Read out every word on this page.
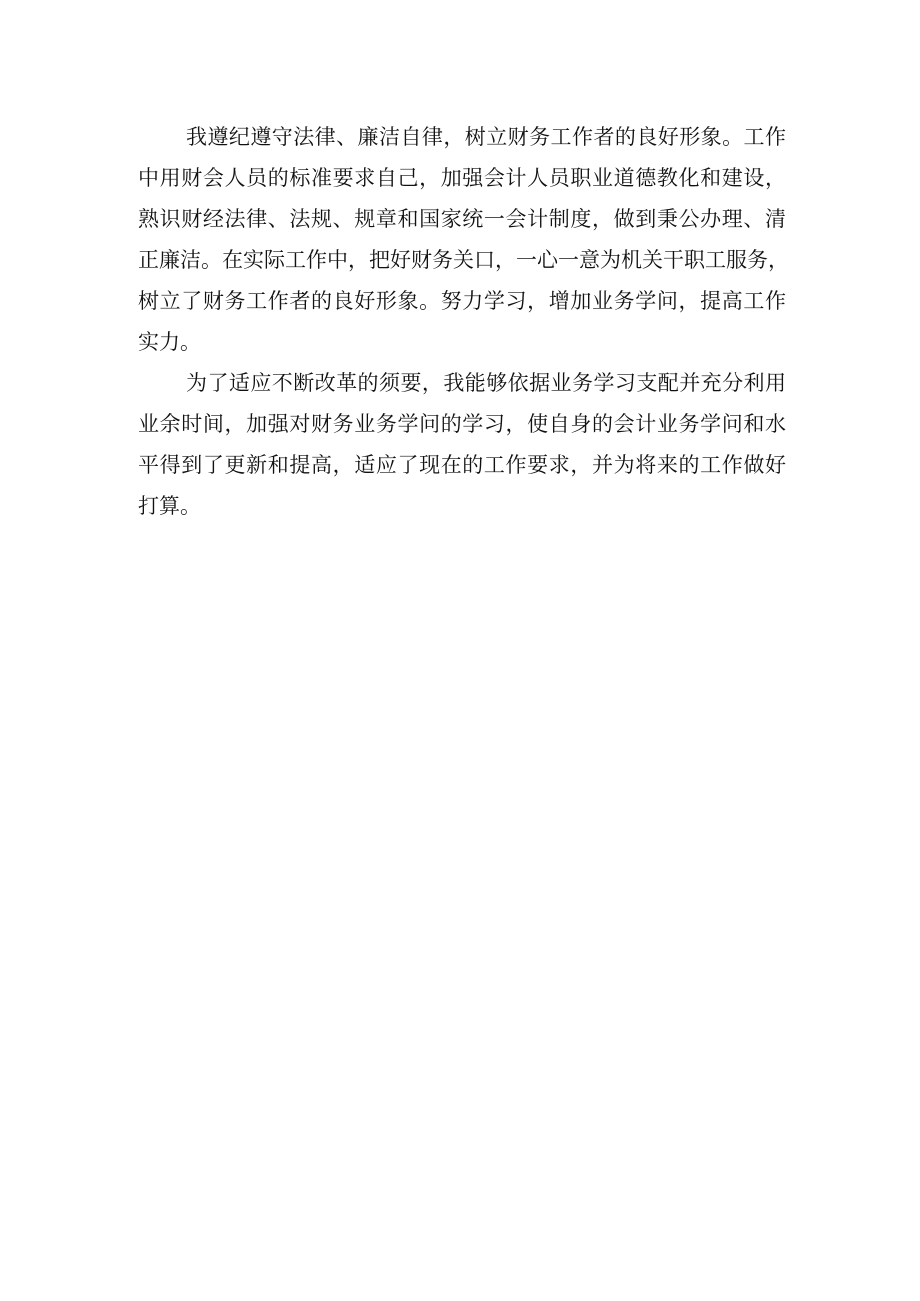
我遵纪遵守法律、廉洁自律，树立财务工作者的良好形象。工作
中用财会人员的标准要求自己，加强会计人员职业道德教化和建设，
熟识财经法律、法规、规章和国家统一会计制度，做到秉公办理、清
正廉洁。在实际工作中，把好财务关口，一心一意为机关干职工服务，
树立了财务工作者的良好形象。努力学习，增加业务学问，提高工作
实力。
为了适应不断改革的须要，我能够依据业务学习支配并充分利用
业余时间，加强对财务业务学问的学习，使自身的会计业务学问和水
平得到了更新和提高，适应了现在的工作要求，并为将来的工作做好
打算。
